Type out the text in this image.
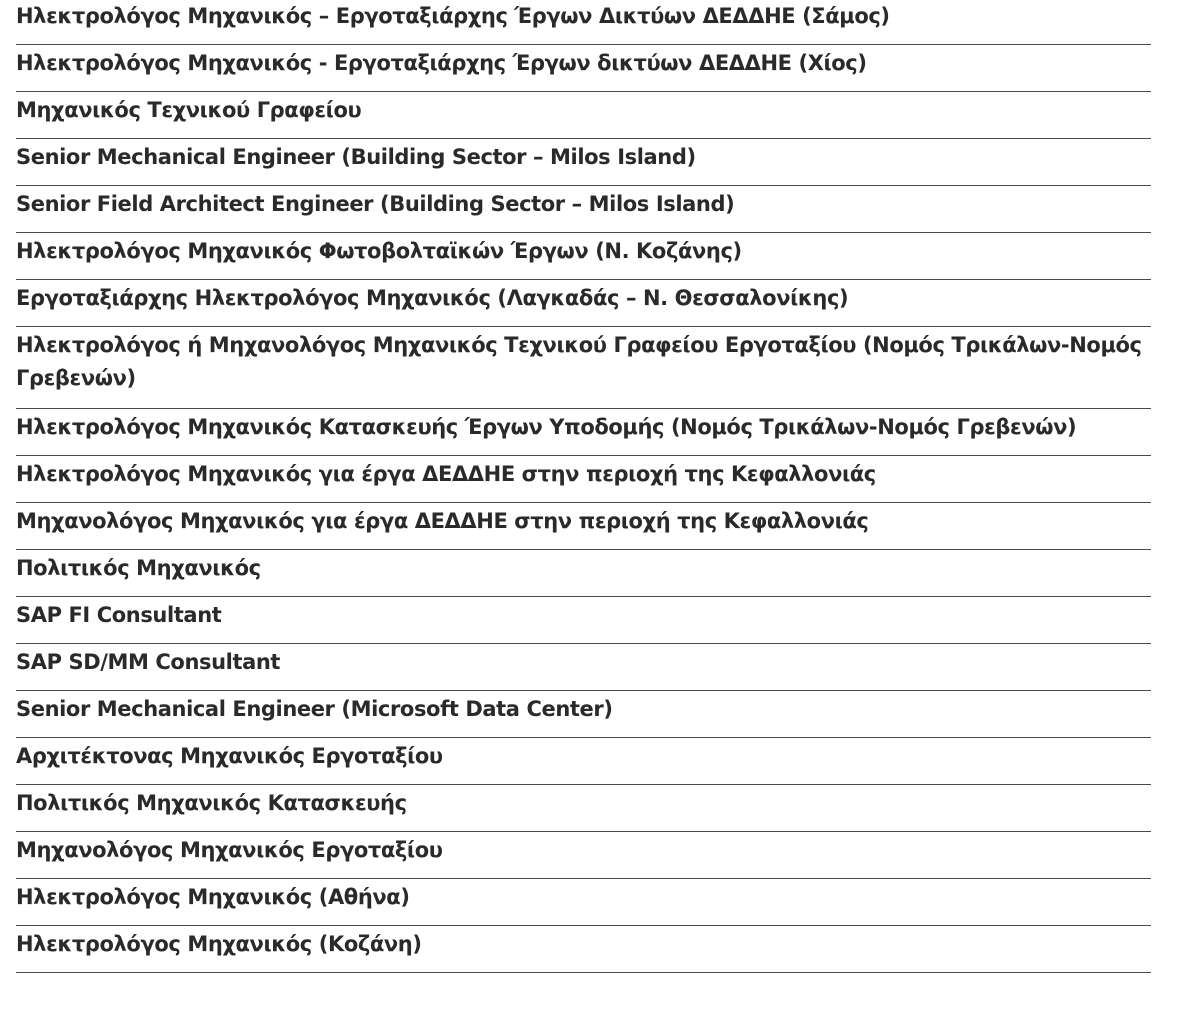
Ηλεκτρολόγος Μηχανικός – Εργοταξιάρχης Έργων Δικτύων ΔΕΔΔΗΕ (Σάμος)
Ηλεκτρολόγος Μηχανικός - Εργοταξιάρχης Έργων δικτύων ΔΕΔΔΗΕ (Χίος)
Μηχανικός Τεχνικού Γραφείου
Senior Mechanical Engineer (Building Sector – Milos Island)
Senior Field Architect Engineer (Building Sector – Milos Island)
Ηλεκτρολόγος Μηχανικός Φωτοβολταϊκών Έργων (Ν. Κοζάνης)
Εργοταξιάρχης Ηλεκτρολόγος Μηχανικός (Λαγκαδάς – Ν. Θεσσαλονίκης)
Ηλεκτρολόγος ή Μηχανολόγος Μηχανικός Τεχνικού Γραφείου Εργοταξίου (Νομός Τρικάλων-Νομός Γρεβενών)
Ηλεκτρολόγος Μηχανικός Κατασκευής Έργων Υποδομής (Νομός Τρικάλων-Νομός Γρεβενών)
Ηλεκτρολόγος Μηχανικός για έργα ΔΕΔΔΗΕ στην περιοχή της Κεφαλλονιάς
Μηχανολόγος Μηχανικός για έργα ΔΕΔΔΗΕ στην περιοχή της Κεφαλλονιάς
Πολιτικός Μηχανικός
SAP FI Consultant
SAP SD/MM Consultant
Senior Mechanical Engineer (Microsoft Data Center)
Αρχιτέκτονας Μηχανικός Εργοταξίου
Πολιτικός Μηχανικός Κατασκευής
Μηχανολόγος Μηχανικός Εργοταξίου
Ηλεκτρολόγος Μηχανικός (Αθήνα)
Ηλεκτρολόγος Μηχανικός (Κοζάνη)
